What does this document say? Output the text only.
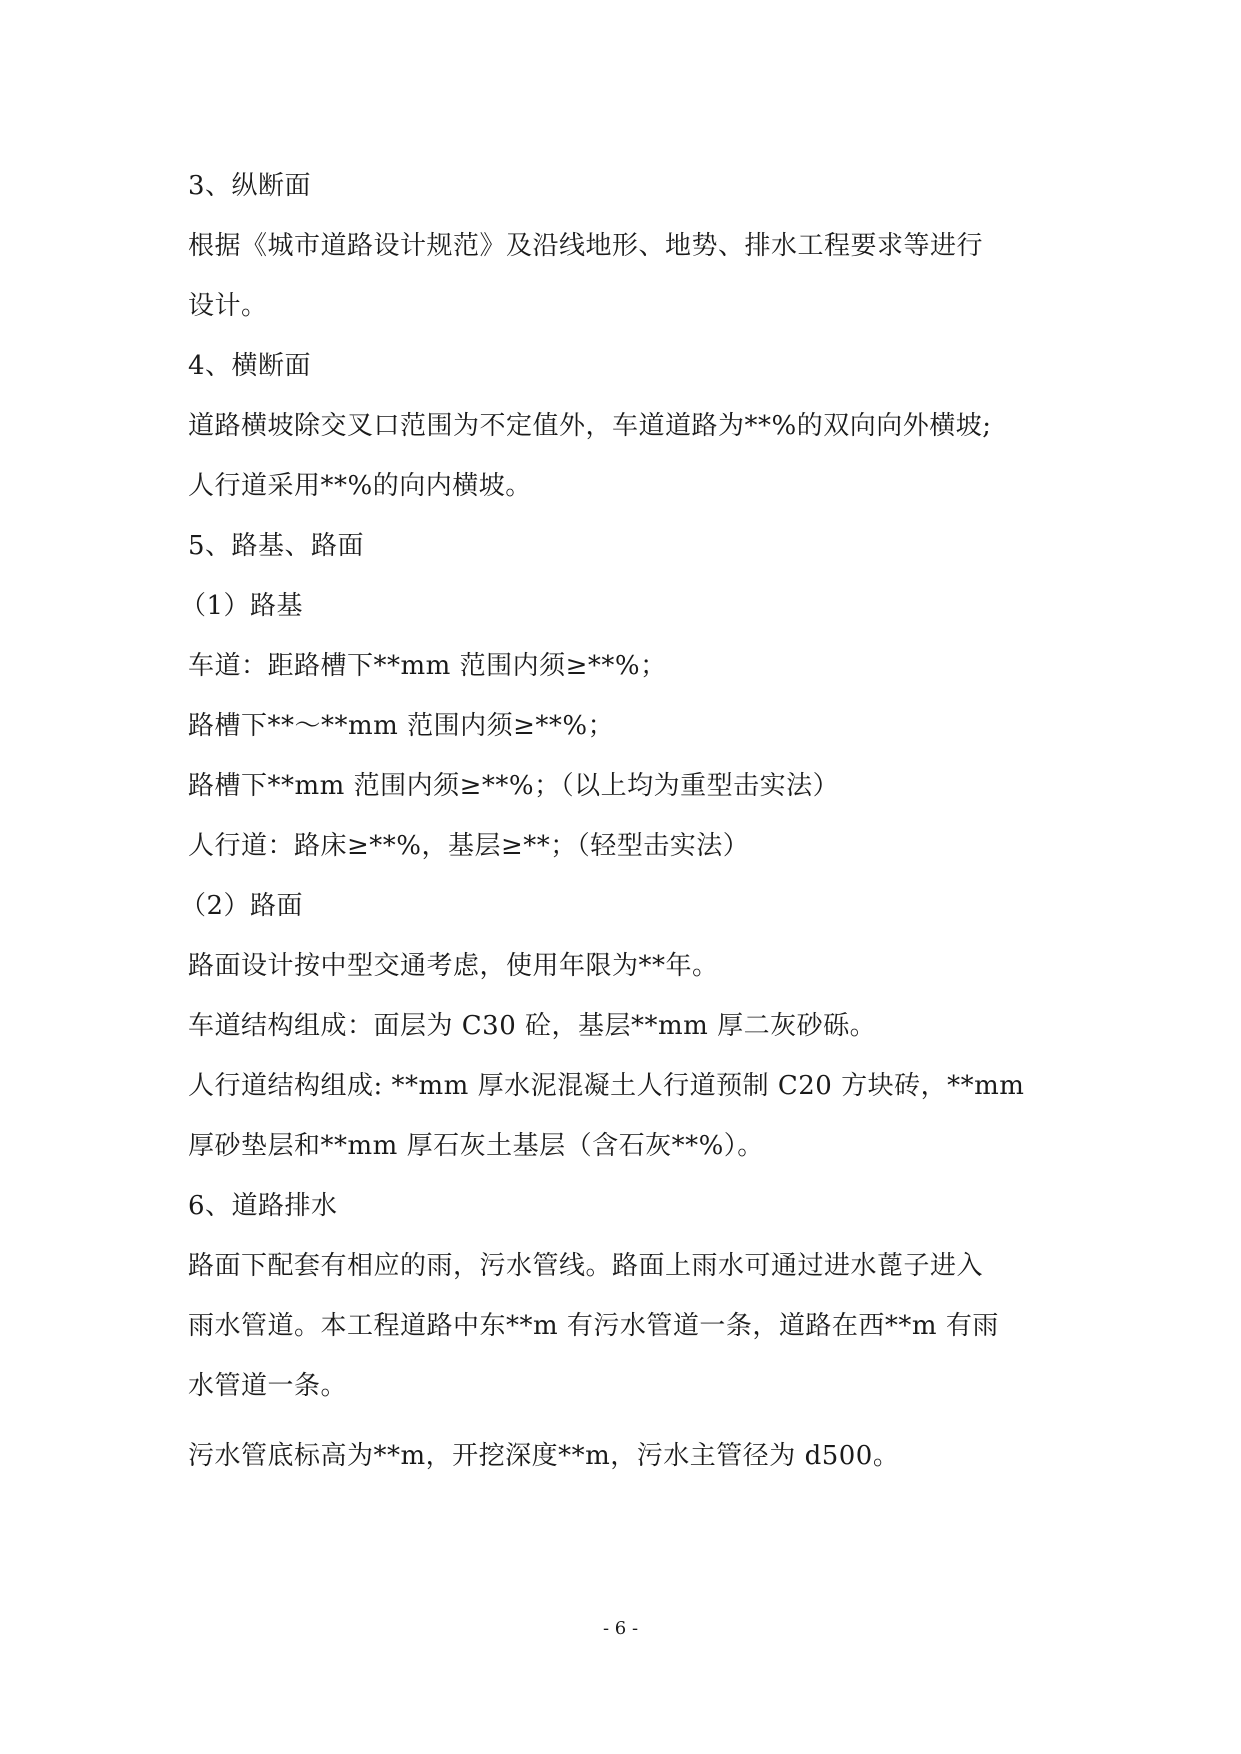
3、纵断面
根据《城市道路设计规范》及沿线地形、地势、排水工程要求等进行
设计。
4、横断面
道路横坡除交叉口范围为不定值外，车道道路为**%的双向向外横坡;
人行道采用**%的向内横坡。
5、路基、路面
（1）路基
车道：距路槽下**mm 范围内须≥**%；
路槽下**～**mm 范围内须≥**%；
路槽下**mm 范围内须≥**%；（以上均为重型击实法）
人行道：路床≥**%，基层≥**；（轻型击实法）
（2）路面
路面设计按中型交通考虑，使用年限为**年。
车道结构组成：面层为 C30 砼，基层**mm 厚二灰砂砾。
人行道结构组成: **mm 厚水泥混凝土人行道预制 C20 方块砖，**mm
厚砂垫层和**mm 厚石灰土基层（含石灰**%）。
6、道路排水
路面下配套有相应的雨，污水管线。路面上雨水可通过进水蓖子进入
雨水管道。本工程道路中东**m 有污水管道一条，道路在西**m 有雨
水管道一条。
污水管底标高为**m，开挖深度**m，污水主管径为 d500。
- 6 -
